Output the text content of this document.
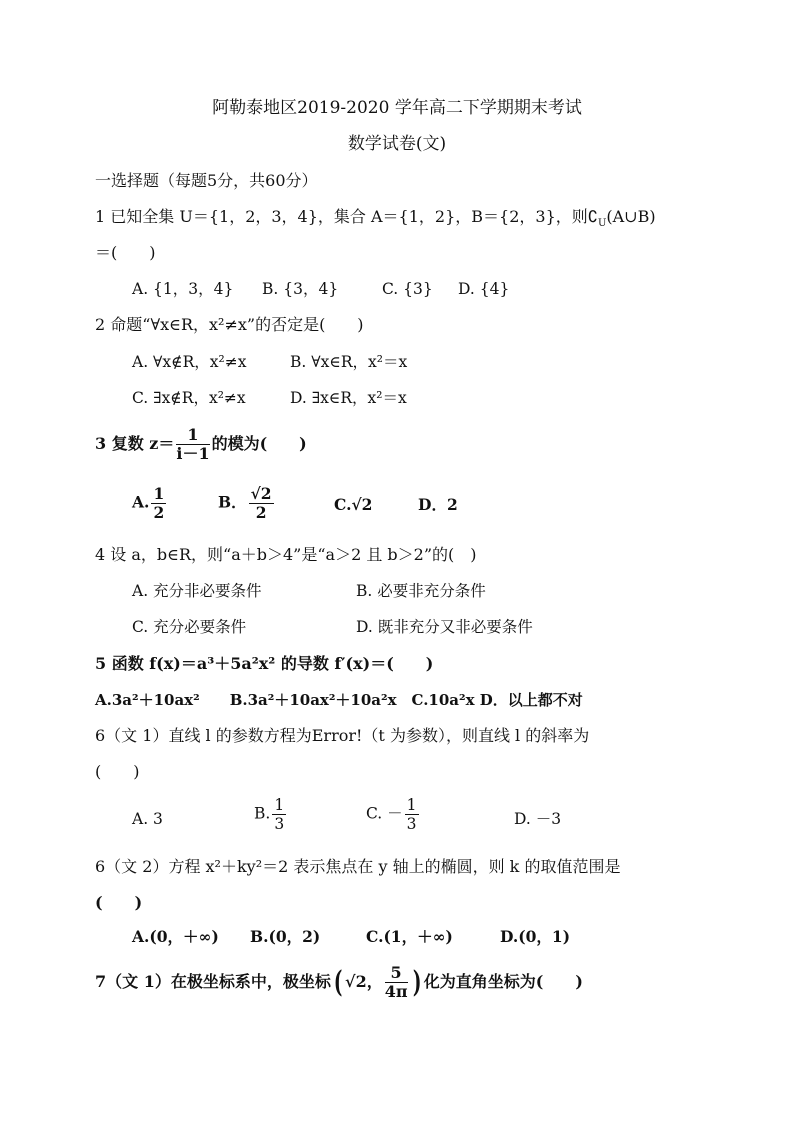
阿勒泰地区2019-2020 学年高二下学期期末考试
数学试卷(文)
一选择题（每题5分，共60分）
1 已知全集 U＝{1，2，3，4}，集合 A＝{1，2}，B＝{2，3}，则$∁_U(A\cup B)$
＝(　　)
A. {1，3，4} B. {3，4}	C. {3} D. {4}
2 命题“∀x∈R，x²≠x”的否定是(　　)
A. ∀x∉R，x²≠x	B. ∀x∈R，x²＝x
C. ∃x∉R，x²≠x	D. ∃x∈R，x²＝x
3 复数 $z= \frac{1}{i-1}$ 的模为(　　)
A. $\frac{1}{2}$	B． $\frac{√2}{2}$	C.√2	D．2
4 设 a，b∈R，则“a＋b＞4”是“a＞2 且 b＞2”的(　)
A. 充分非必要条件	B. 必要非充分条件
C. 充分必要条件	D. 既非充分又非必要条件
5 函数 f(x)＝a³＋5a²x² 的导数 f′(x)＝(　　)
A.3a²＋10ax²　　B.3a²＋10ax²＋10a²x　C.10a²x D．以上都不对
6（文 1）直线 l 的参数方程为Error!（t 为参数），则直线 l 的斜率为
(　　)
A. 3	B. $\frac{1}{3}$	C. － $\frac{1}{3}$	D. －3
6（文 2）方程 x²＋ky²＝2 表示焦点在 y 轴上的椭圆，则 k 的取值范围是
(　　)
A.(0，＋∞) B.(0，2)	C.(1，＋∞)	D.(0，1)
7（文 1）在极坐标系中，极坐标( √2， $\frac{5}{4\pi}$ ) 化为直角坐标为(　　)
